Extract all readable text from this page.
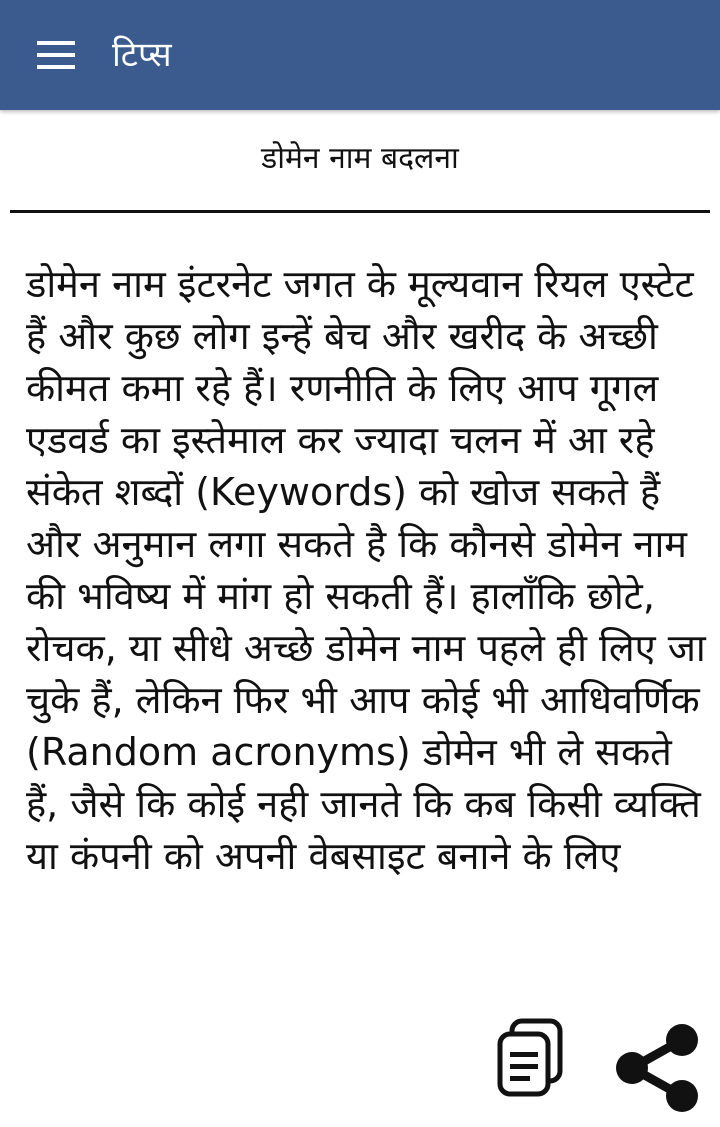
टिप्स
डोमेन नाम बदलना
डोमेन नाम इंटरनेट जगत के मूल्यवान रियल एस्टेट हैं और कुछ लोग इन्हें बेच और खरीद के अच्छी कीमत कमा रहे हैं। रणनीति के लिए आप गूगल एडवर्ड का इस्तेमाल कर ज्यादा चलन में आ रहे संकेत शब्दों (Keywords) को खोज सकते हैं और अनुमान लगा सकते है कि कौनसे डोमेन नाम की भविष्य में मांग हो सकती हैं। हालाँकि छोटे, रोचक, या सीधे अच्छे डोमेन नाम पहले ही लिए जा चुके हैं, लेकिन फिर भी आप कोई भी आधिवर्णिक (Random acronyms) डोमेन भी ले सकते हैं, जैसे कि कोई नही जानते कि कब किसी व्यक्ति या कंपनी को अपनी वेबसाइट बनाने के लिए
